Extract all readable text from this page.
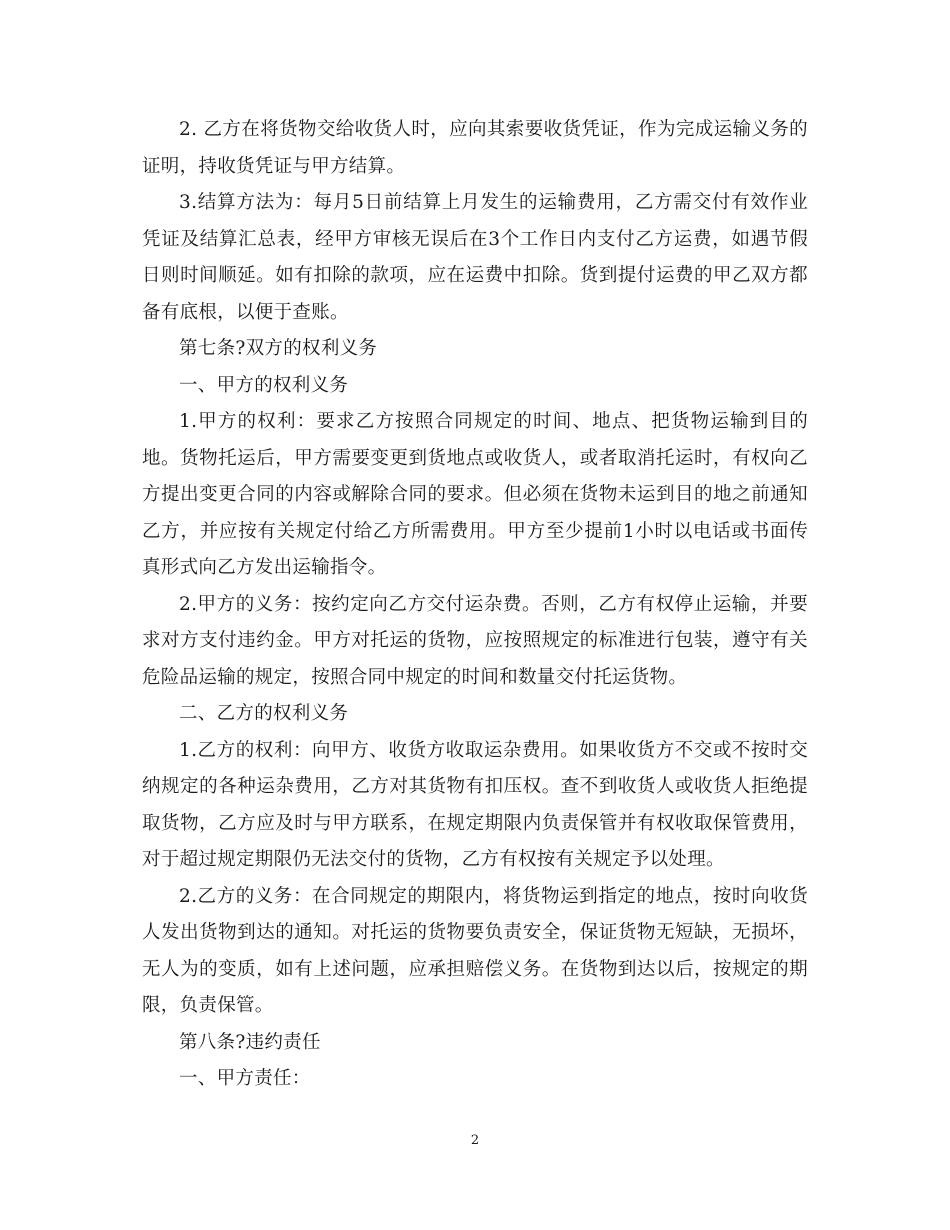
2. 乙方在将货物交给收货人时，应向其索要收货凭证，作为完成运输义务的证明，持收货凭证与甲方结算。

3.结算方法为：每月5日前结算上月发生的运输费用，乙方需交付有效作业凭证及结算汇总表，经甲方审核无误后在3个工作日内支付乙方运费，如遇节假日则时间顺延。如有扣除的款项，应在运费中扣除。货到提付运费的甲乙双方都备有底根，以便于查账。

第七条?双方的权利义务

一、甲方的权利义务

1.甲方的权利：要求乙方按照合同规定的时间、地点、把货物运输到目的地。货物托运后，甲方需要变更到货地点或收货人，或者取消托运时，有权向乙方提出变更合同的内容或解除合同的要求。但必须在货物未运到目的地之前通知乙方，并应按有关规定付给乙方所需费用。甲方至少提前1小时以电话或书面传真形式向乙方发出运输指令。

2.甲方的义务：按约定向乙方交付运杂费。否则，乙方有权停止运输，并要求对方支付违约金。甲方对托运的货物，应按照规定的标准进行包装，遵守有关危险品运输的规定，按照合同中规定的时间和数量交付托运货物。

二、乙方的权利义务

1.乙方的权利：向甲方、收货方收取运杂费用。如果收货方不交或不按时交纳规定的各种运杂费用，乙方对其货物有扣压权。查不到收货人或收货人拒绝提取货物，乙方应及时与甲方联系，在规定期限内负责保管并有权收取保管费用，对于超过规定期限仍无法交付的货物，乙方有权按有关规定予以处理。

2.乙方的义务：在合同规定的期限内，将货物运到指定的地点，按时向收货人发出货物到达的通知。对托运的货物要负责安全，保证货物无短缺，无损坏，无人为的变质，如有上述问题，应承担赔偿义务。在货物到达以后，按规定的期限，负责保管。

第八条?违约责任

一、甲方责任：

2
